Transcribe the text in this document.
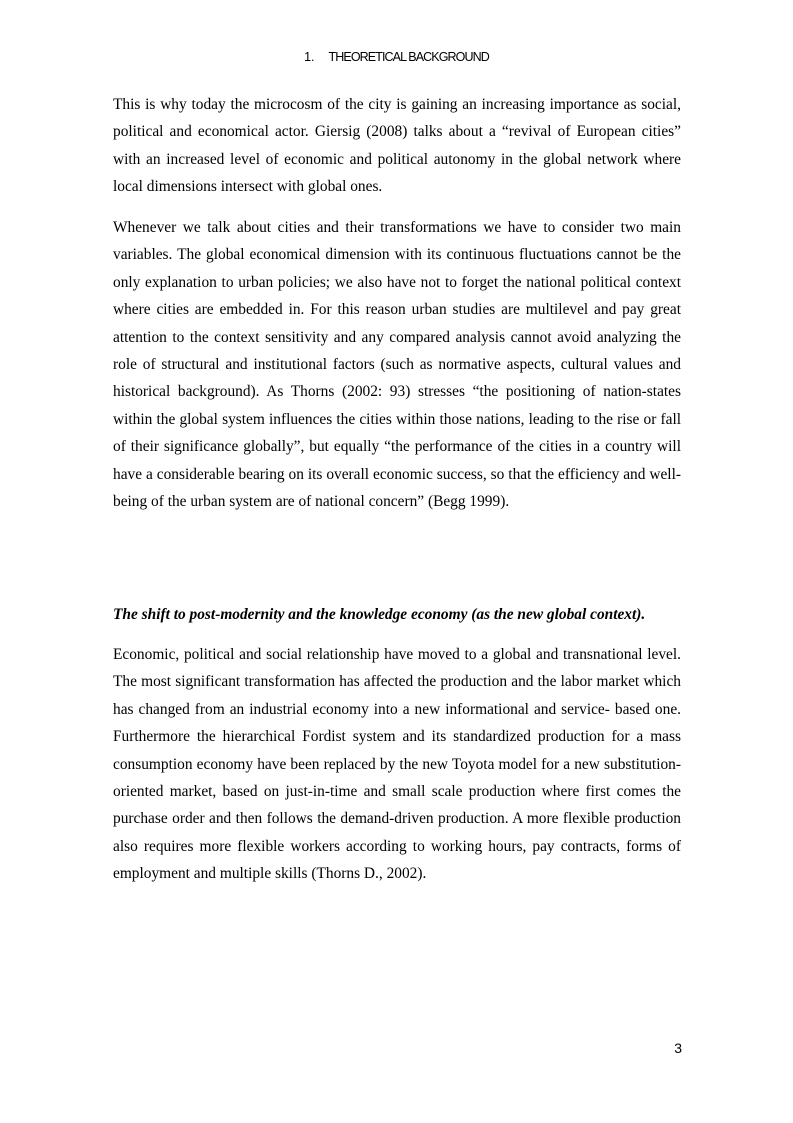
1. THEORETICAL BACKGROUND

This is why today the microcosm of the city is gaining an increasing importance as social, political and economical actor. Giersig (2008) talks about a “revival of European cities” with an increased level of economic and political autonomy in the global network where local dimensions intersect with global ones.

Whenever we talk about cities and their transformations we have to consider two main variables. The global economical dimension with its continuous fluctuations cannot be the only explanation to urban policies; we also have not to forget the national political context where cities are embedded in. For this reason urban studies are multilevel and pay great attention to the context sensitivity and any compared analysis cannot avoid analyzing the role of structural and institutional factors (such as normative aspects, cultural values and historical background). As Thorns (2002: 93) stresses “the positioning of nation-states within the global system influences the cities within those nations, leading to the rise or fall of their significance globally”, but equally “the performance of the cities in a country will have a considerable bearing on its overall economic success, so that the efficiency and well-being of the urban system are of national concern” (Begg 1999).

The shift to post-modernity and the knowledge economy (as the new global context).

Economic, political and social relationship have moved to a global and transnational level. The most significant transformation has affected the production and the labor market which has changed from an industrial economy into a new informational and service- based one. Furthermore the hierarchical Fordist system and its standardized production for a mass consumption economy have been replaced by the new Toyota model for a new substitution-oriented market, based on just-in-time and small scale production where first comes the purchase order and then follows the demand-driven production. A more flexible production also requires more flexible workers according to working hours, pay contracts, forms of employment and multiple skills (Thorns D., 2002).

3
